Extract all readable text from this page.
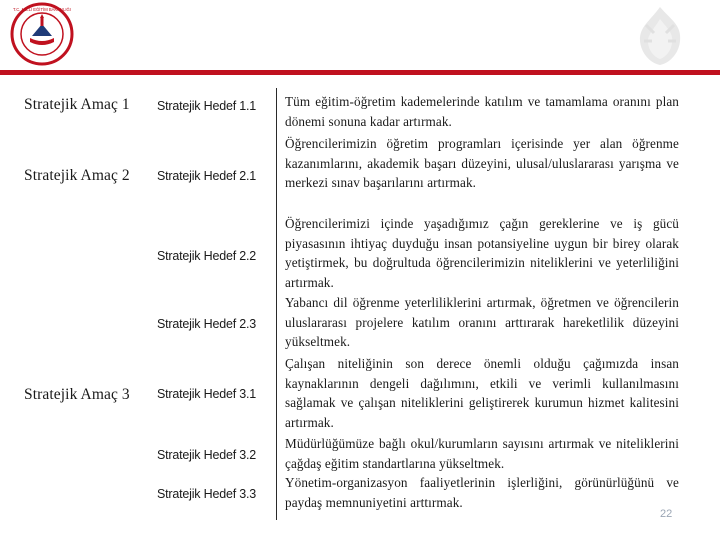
T.C. MİLLİ EĞİTİM BAKANLIĞI

Stratejik Amaç 1 Stratejik Hedef 1.1 Tüm eğitim-öğretim kademelerinde katılım ve tamamlama oranını plan dönemi sonuna kadar artırmak.

Stratejik Amaç 2 Stratejik Hedef 2.1

Öğrencilerimizin öğretim programları içerisinde yer alan öğrenme kazanımlarını, akademik başarı düzeyini, ulusal/uluslararası yarışma ve merkezi sınav başarılarını artırmak.

Stratejik Hedef 2.2

Öğrencilerimizi içinde yaşadığımız çağın gereklerine ve iş gücü piyasasının ihtiyaç duyduğu insan potansiyeline uygun bir birey olarak yetiştirmek, bu doğrultuda öğrencilerimizin niteliklerini ve yeterliliğini artırmak.

Stratejik Hedef 2.3

Yabancı dil öğrenme yeterliliklerini artırmak, öğretmen ve öğrencilerin uluslararası projelere katılım oranını arttırarak hareketlilik düzeyini yükseltmek.

Stratejik Amaç 3 Stratejik Hedef 3.1

Çalışan niteliğinin son derece önemli olduğu çağımızda insan kaynaklarının dengeli dağılımını, etkili ve verimli kullanılmasını sağlamak ve çalışan niteliklerini geliştirerek kurumun hizmet kalitesini artırmak.

Stratejik Hedef 3.2

Müdürlüğümüze bağlı okul/kurumların sayısını artırmak ve niteliklerini çağdaş eğitim standartlarına yükseltmek.

Stratejik Hedef 3.3

Yönetim-organizasyon faaliyetlerinin işlerliğini, görünürlüğünü ve paydaş memnuniyetini arttırmak.

22
